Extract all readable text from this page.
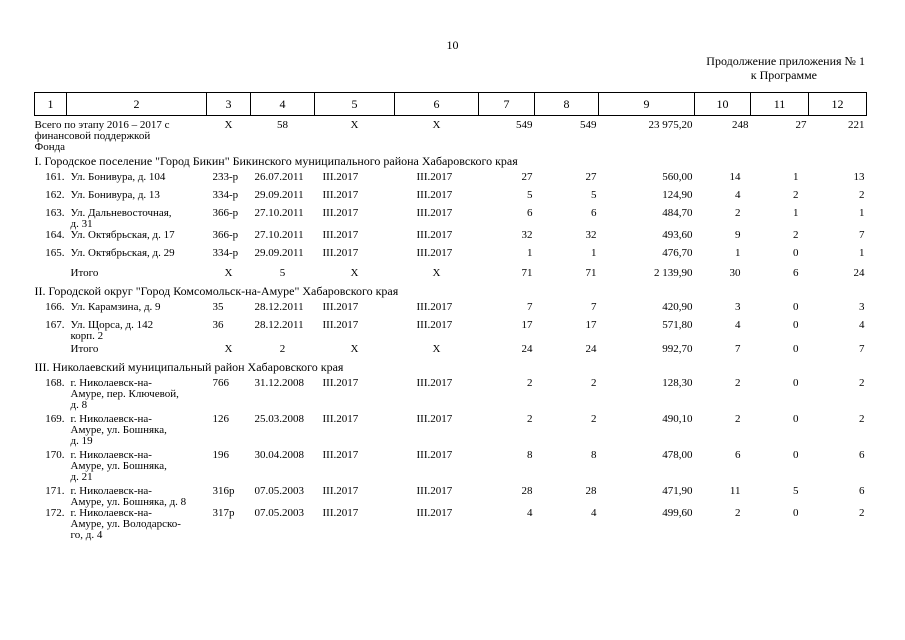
10
Продолжение приложения № 1
к Программе
1	2	3	4	5	6	7	8	9	10	11	12

Всего по этапу 2016 – 2017 с
финансовой поддержкой
Фонда		Х	58	Х	Х	549	549	23 975,20	248	27	221
I. Городское поселение "Город Бикин" Бикинского муниципального района Хабаровского края											
161.	Ул. Бонивура, д. 104	233-р	26.07.2011	III.2017	III.2017	27	27	560,00	14	1	13
162.	Ул. Бонивура, д. 13	334-р	29.09.2011	III.2017	III.2017	5	5	124,90	4	2	2
163.	Ул. Дальневосточная,
д. 31	366-р	27.10.2011	III.2017	III.2017	6	6	484,70	2	1	1
164.	Ул. Октябрьская, д. 17	366-р	27.10.2011	III.2017	III.2017	32	32	493,60	9	2	7
165.	Ул. Октябрьская, д. 29	334-р	29.09.2011	III.2017	III.2017	1	1	476,70	1	0	1
	Итого	Х	5	Х	Х	71	71	2 139,90	30	6	24
II. Городской округ "Город Комсомольск-на-Амуре" Хабаровского края											
166.	Ул. Карамзина, д. 9	35	28.12.2011	III.2017	III.2017	7	7	420,90	3	0	3
167.	Ул. Щорса, д. 142
корп. 2	36	28.12.2011	III.2017	III.2017	17	17	571,80	4	0	4
	Итого	Х	2	Х	Х	24	24	992,70	7	0	7
III. Николаевский муниципальный район Хабаровского края											
168.	г. Николаевск-на-
Амуре, пер. Ключевой,
д. 8	766	31.12.2008	III.2017	III.2017	2	2	128,30	2	0	2
169.	г. Николаевск-на-
Амуре, ул. Бошняка,
д. 19	126	25.03.2008	III.2017	III.2017	2	2	490,10	2	0	2
170.	г. Николаевск-на-
Амуре, ул. Бошняка,
д. 21	196	30.04.2008	III.2017	III.2017	8	8	478,00	6	0	6
171.	г. Николаевск-на-
Амуре, ул. Бошняка, д. 8	316р	07.05.2003	III.2017	III.2017	28	28	471,90	11	5	6
172.	г. Николаевск-на-
Амуре, ул. Володарско-
го, д. 4	317р	07.05.2003	III.2017	III.2017	4	4	499,60	2	0	2
